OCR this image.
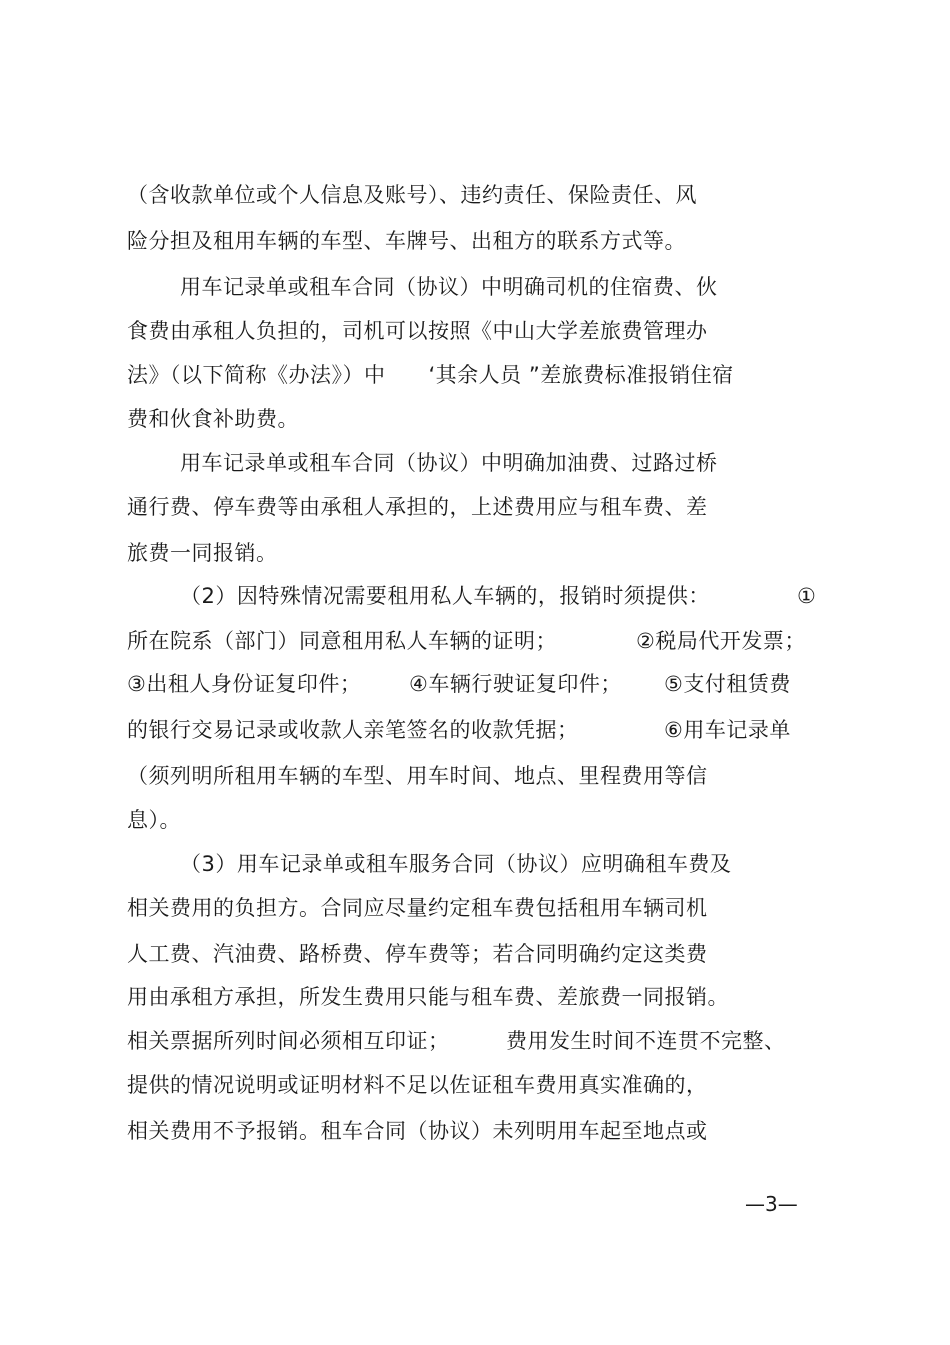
（含收款单位或个人信息及账号）、违约责任、保险责任、风
险分担及租用车辆的车型、车牌号、出租方的联系方式等。
用车记录单或租车合同（协议）中明确司机的住宿费、伙
食费由承租人负担的，司机可以按照《中山大学差旅费管理办
法》（以下简称《办法》）中　　‘其余人员 ”差旅费标准报销住宿
费和伙食补助费。
用车记录单或租车合同（协议）中明确加油费、过路过桥
通行费、停车费等由承租人承担的，上述费用应与租车费、差
旅费一同报销。
（2）因特殊情况需要租用私人车辆的，报销时须提供：	①
所在院系（部门）同意租用私人车辆的证明；	②税局代开发票；
③出租人身份证复印件； ④车辆行驶证复印件； ⑤支付租赁费
的银行交易记录或收款人亲笔签名的收款凭据；	⑥用车记录单
（须列明所租用车辆的车型、用车时间、地点、里程费用等信
息）。
（3）用车记录单或租车服务合同（协议）应明确租车费及
相关费用的负担方。合同应尽量约定租车费包括租用车辆司机
人工费、汽油费、路桥费、停车费等；若合同明确约定这类费
用由承租方承担，所发生费用只能与租车费、差旅费一同报销。
相关票据所列时间必须相互印证；	费用发生时间不连贯不完整、
提供的情况说明或证明材料不足以佐证租车费用真实准确的，
相关费用不予报销。租车合同（协议）未列明用车起至地点或
—3—
